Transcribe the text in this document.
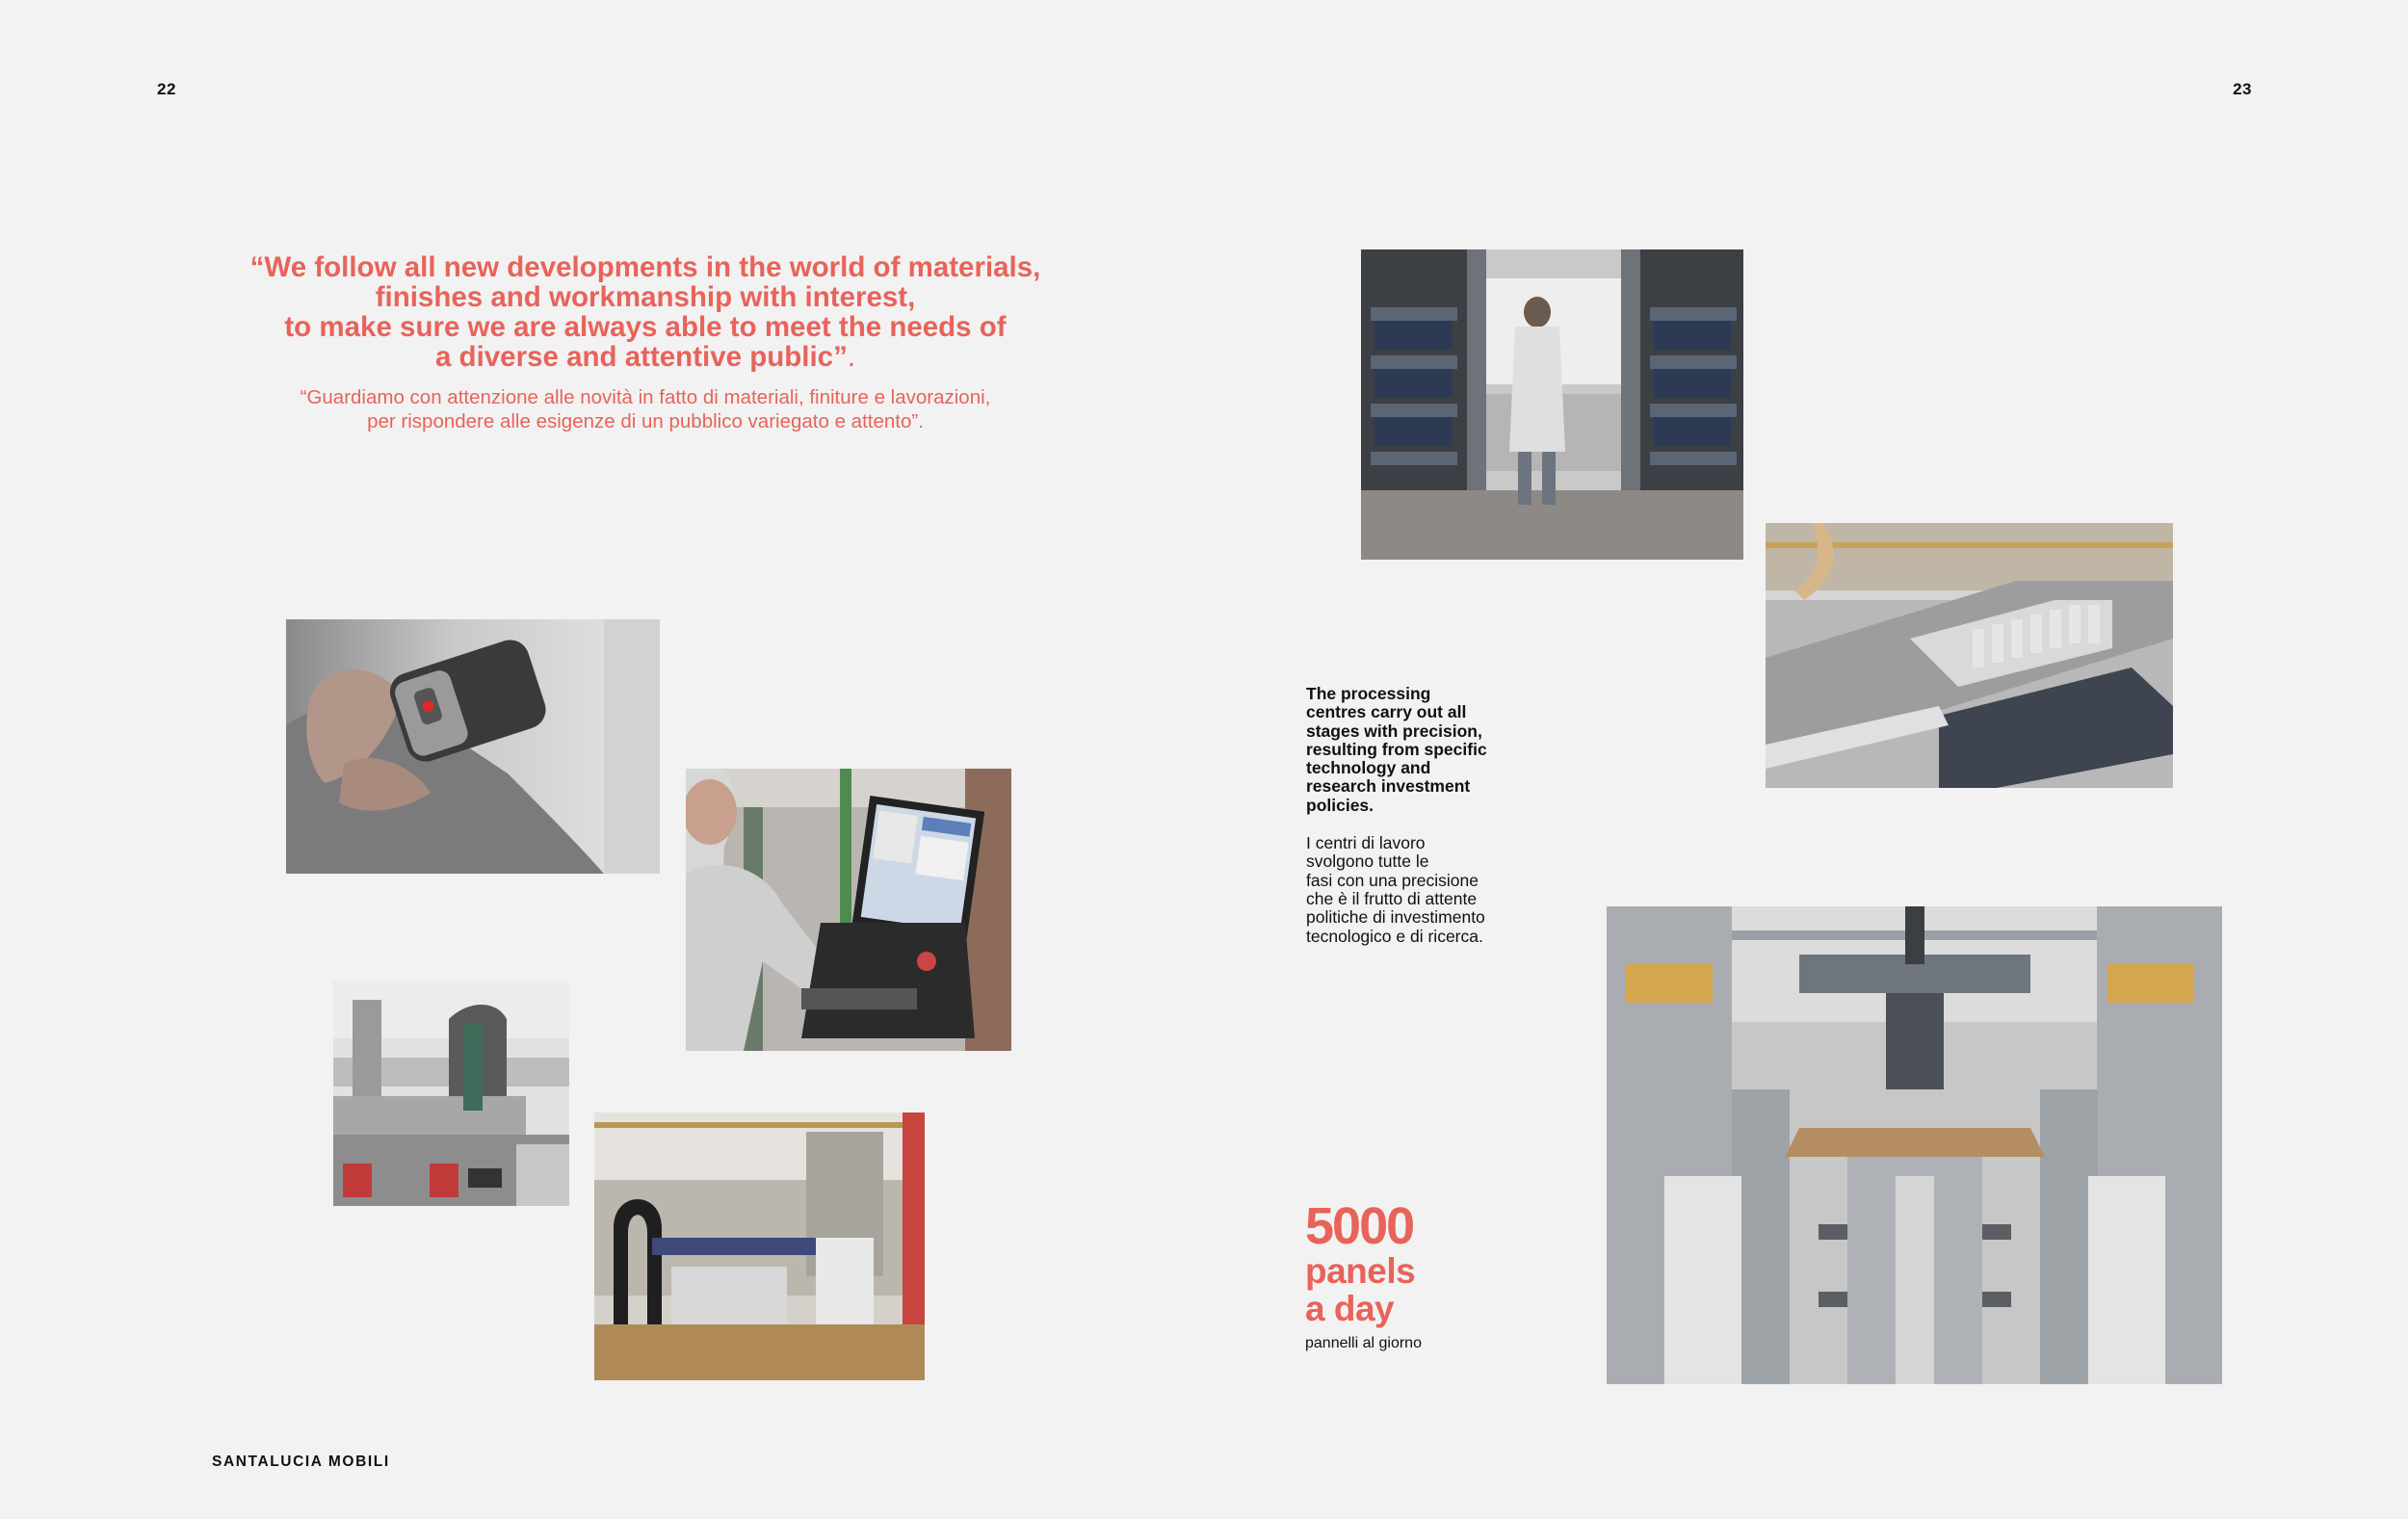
22	23

“We follow all new developments in the world of materials,
finishes and workmanship with interest,
to make sure we are always able to meet the needs of
a diverse and attentive public”.

“Guardiamo con attenzione alle novità in fatto di materiali, finiture e lavorazioni,
per rispondere alle esigenze di un pubblico variegato e attento”.

The processing
centres carry out all
stages with precision,
resulting from specific
technology and
research investment
policies.

I centri di lavoro
svolgono tutte le
fasi con una precisione
che è il frutto di attente
politiche di investimento
tecnologico e di ricerca.

5000
panels
a day
pannelli al giorno
SANTALUCIA MOBILI
